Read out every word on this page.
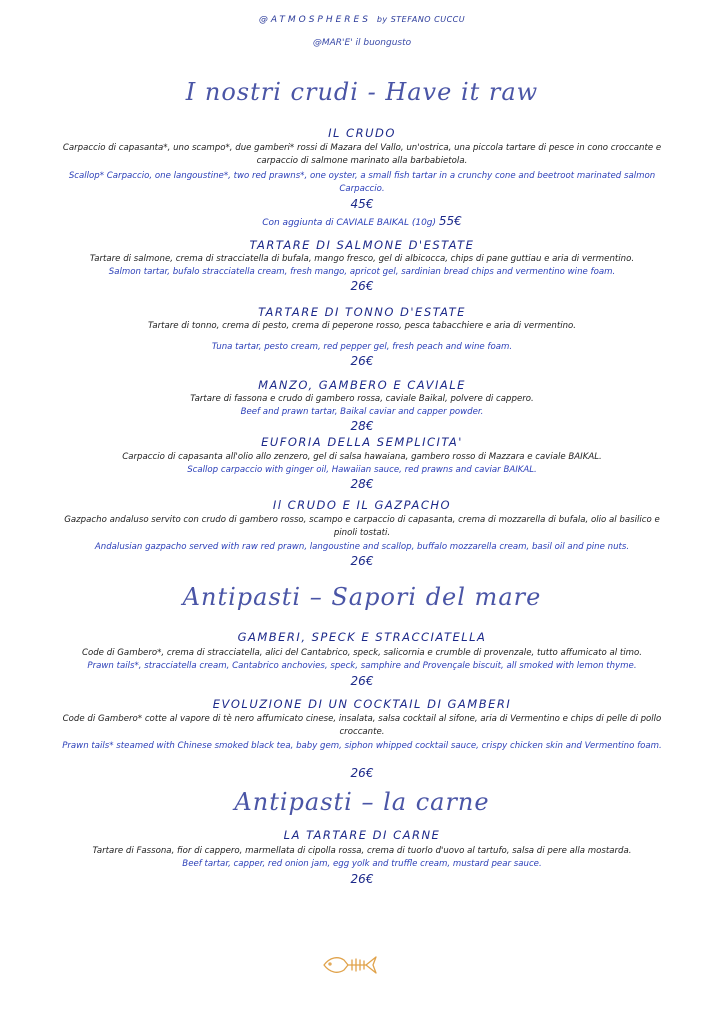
@ATMOSPHERES by STEFANO CUCCU
@MAR'E' il buongusto
I nostri crudi - Have it raw
IL CRUDO
Carpaccio di capasanta*, uno scampo*, due gamberi* rossi di Mazara del Vallo, un'ostrica, una piccola tartare di pesce in cono croccante e carpaccio di salmone marinato alla barbabietola.
Scallop* Carpaccio, one langoustine*, two red prawns*, one oyster, a small fish tartar in a crunchy cone and beetroot marinated salmon Carpaccio.
45€
Con aggiunta di CAVIALE BAIKAL (10g) 55€
TARTARE DI SALMONE D'ESTATE
Tartare di salmone, crema di stracciatella di bufala, mango fresco, gel di albicocca, chips di pane guttiau e aria di vermentino.
Salmon tartar, bufalo stracciatella cream, fresh mango, apricot gel, sardinian bread chips and vermentino wine foam.
26€
TARTARE DI TONNO D'ESTATE
Tartare di tonno, crema di pesto, crema di peperone rosso, pesca tabacchiere e aria di vermentino.
Tuna tartar, pesto cream, red pepper gel, fresh peach and wine foam.
26€
MANZO, GAMBERO E CAVIALE
Tartare di fassona e crudo di gambero rossa, caviale Baikal, polvere di cappero.
Beef and prawn tartar, Baikal caviar and capper powder.
28€
EUFORIA DELLA SEMPLICITA'
Carpaccio di capasanta all'olio allo zenzero, gel di salsa hawaiana, gambero rosso di Mazzara e caviale BAIKAL.
Scallop carpaccio with ginger oil, Hawaiian sauce, red prawns and caviar BAIKAL.
28€
Il CRUDO E IL GAZPACHO
Gazpacho andaluso servito con crudo di gambero rosso, scampo e carpaccio di capasanta, crema di mozzarella di bufala, olio al basilico e pinoli tostati.
Andalusian gazpacho served with raw red prawn, langoustine and scallop, buffalo mozzarella cream, basil oil and pine nuts.
26€
Antipasti – Sapori del mare
GAMBERI, SPECK E STRACCIATELLA
Code di Gambero*, crema di stracciatella, alici del Cantabrico, speck, salicornia e crumble di provenzale, tutto affumicato al timo.
Prawn tails*, stracciatella cream, Cantabrico anchovies, speck, samphire and Provençale biscuit, all smoked with lemon thyme.
26€
EVOLUZIONE DI UN COCKTAIL DI GAMBERI
Code di Gambero* cotte al vapore di tè nero affumicato cinese, insalata, salsa cocktail al sifone, aria di Vermentino e chips di pelle di pollo croccante.
Prawn tails* steamed with Chinese smoked black tea, baby gem, siphon whipped cocktail sauce, crispy chicken skin and Vermentino foam.
26€
Antipasti – la carne
LA TARTARE DI CARNE
Tartare di Fassona, fior di cappero, marmellata di cipolla rossa, crema di tuorlo d'uovo al tartufo, salsa di pere alla mostarda.
Beef tartar, capper, red onion jam, egg yolk and truffle cream, mustard pear sauce.
26€
